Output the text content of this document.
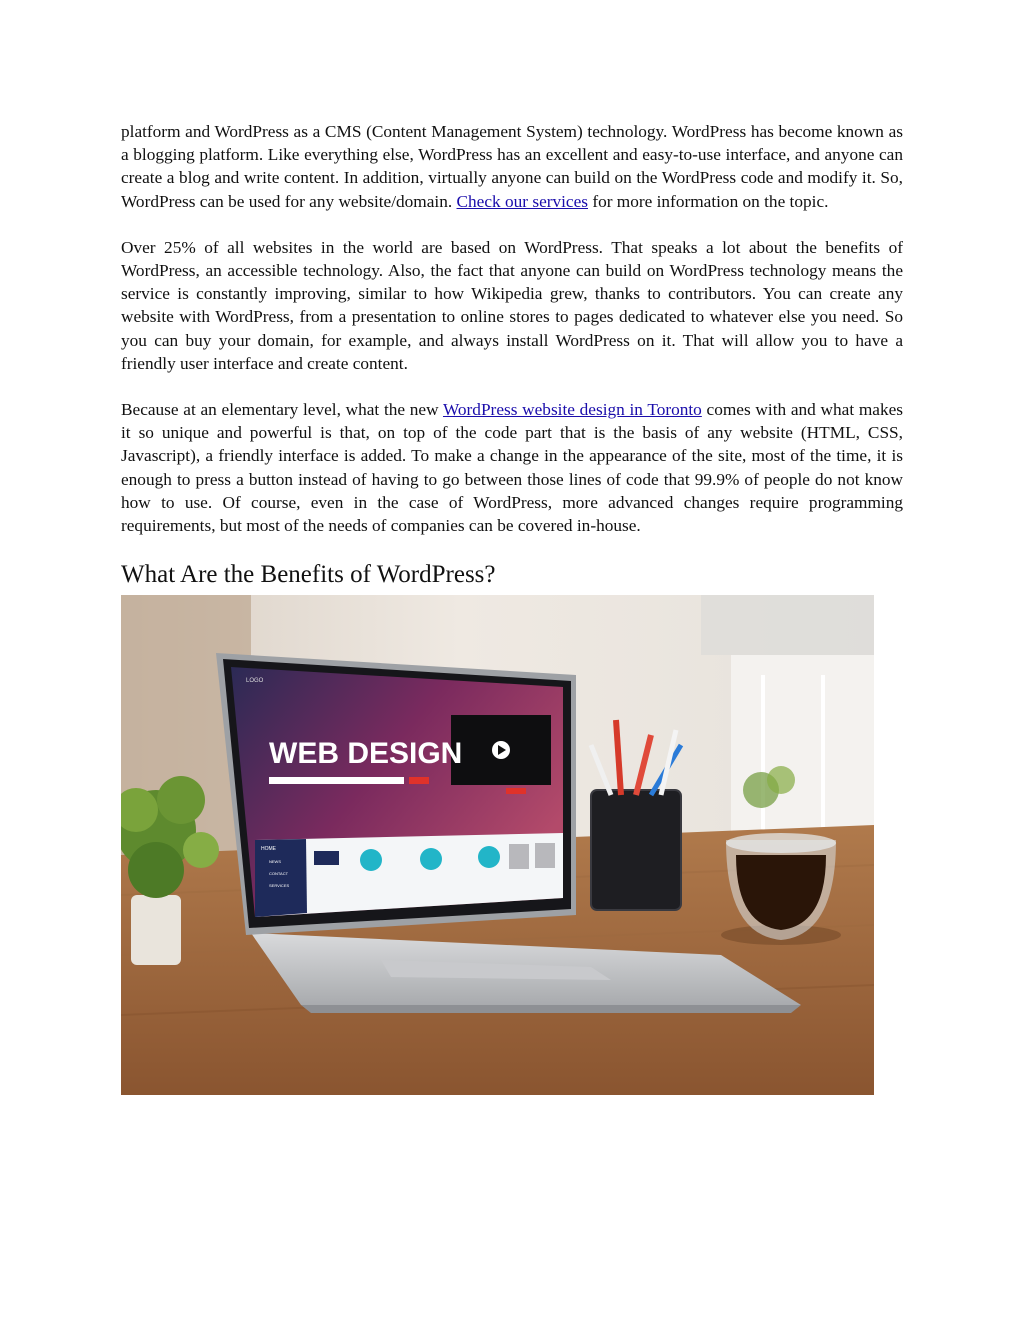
platform and WordPress as a CMS (Content Management System) technology. WordPress has become known as a blogging platform. Like everything else, WordPress has an excellent and easy-to-use interface, and anyone can create a blog and write content. In addition, virtually anyone can build on the WordPress code and modify it. So, WordPress can be used for any website/domain. Check our services for more information on the topic.

Over 25% of all websites in the world are based on WordPress. That speaks a lot about the benefits of WordPress, an accessible technology. Also, the fact that anyone can build on WordPress technology means the service is constantly improving, similar to how Wikipedia grew, thanks to contributors. You can create any website with WordPress, from a presentation to online stores to pages dedicated to whatever else you need. So you can buy your domain, for example, and always install WordPress on it. That will allow you to have a friendly user interface and create content.

Because at an elementary level, what the new WordPress website design in Toronto comes with and what makes it so unique and powerful is that, on top of the code part that is the basis of any website (HTML, CSS, Javascript), a friendly interface is added. To make a change in the appearance of the site, most of the time, it is enough to press a button instead of having to go between those lines of code that 99.9% of people do not know how to use. Of course, even in the case of WordPress, more advanced changes require programming requirements, but most of the needs of companies can be covered in-house.

What Are the Benefits of WordPress?
WEB DESIGN
LOGO
HOME
NEWS
CONTACT
SERVICES
